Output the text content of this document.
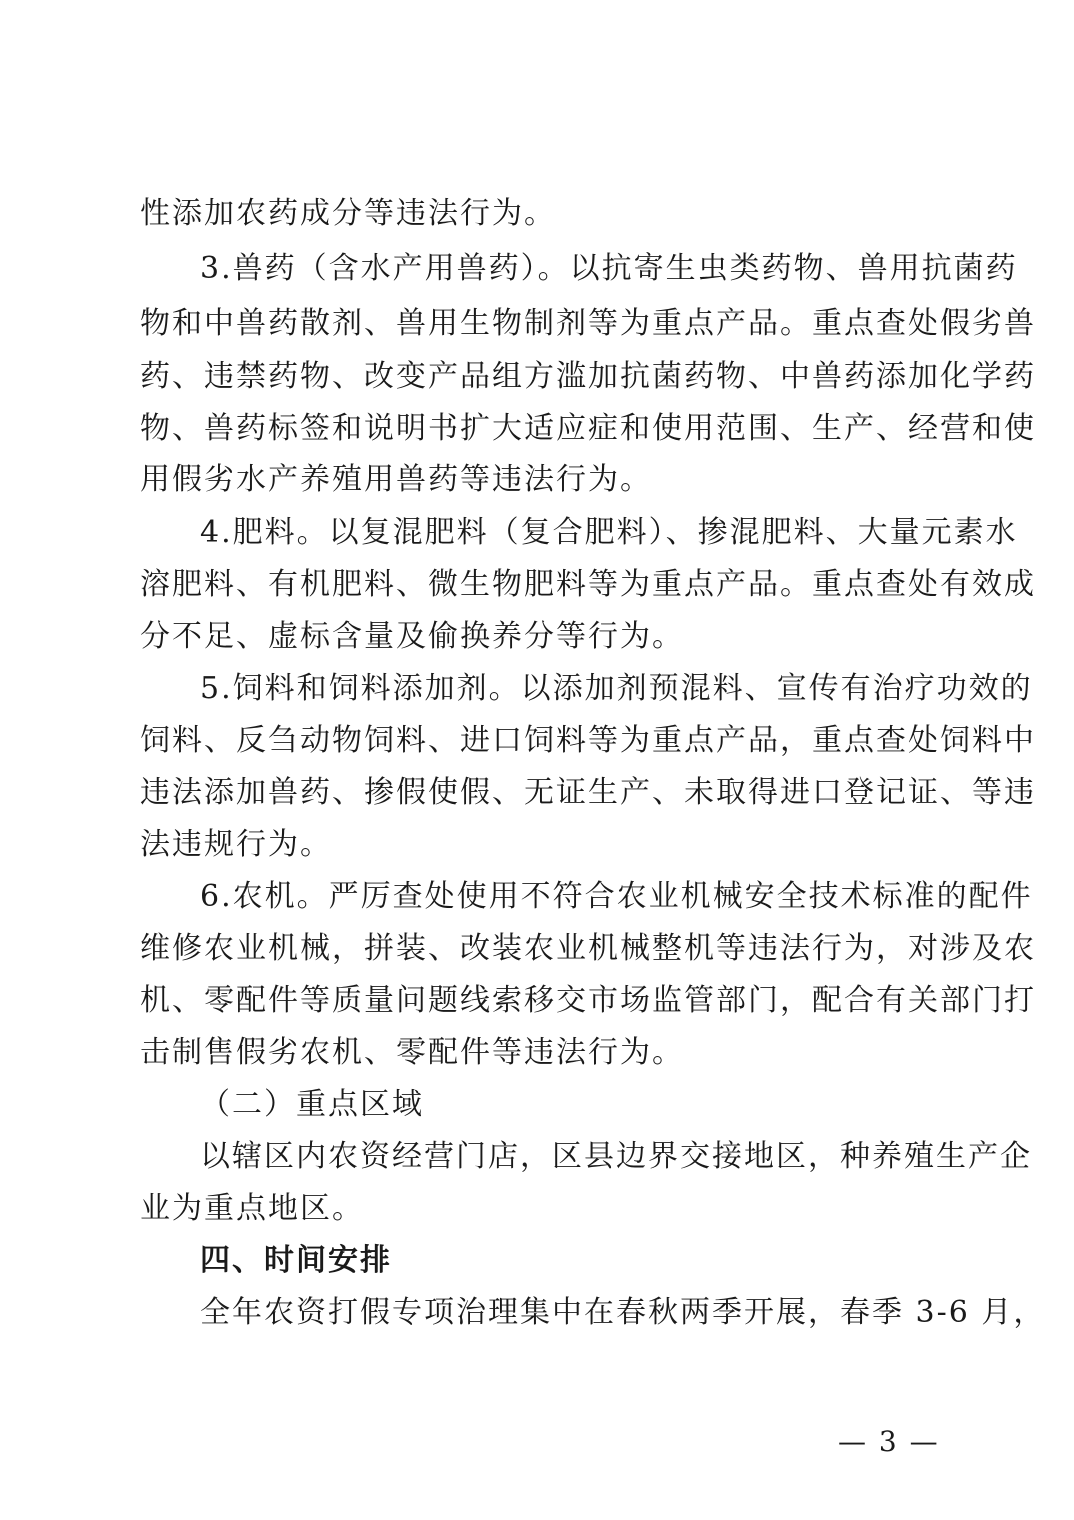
性添加农药成分等违法行为。
3.兽药（含水产用兽药）。以抗寄生虫类药物、兽用抗菌药
物和中兽药散剂、兽用生物制剂等为重点产品。重点查处假劣兽
药、违禁药物、改变产品组方滥加抗菌药物、中兽药添加化学药
物、兽药标签和说明书扩大适应症和使用范围、生产、经营和使
用假劣水产养殖用兽药等违法行为。
4.肥料。以复混肥料（复合肥料）、掺混肥料、大量元素水
溶肥料、有机肥料、微生物肥料等为重点产品。重点查处有效成
分不足、虚标含量及偷换养分等行为。
5.饲料和饲料添加剂。以添加剂预混料、宣传有治疗功效的
饲料、反刍动物饲料、进口饲料等为重点产品，重点查处饲料中
违法添加兽药、掺假使假、无证生产、未取得进口登记证、等违
法违规行为。
6.农机。严厉查处使用不符合农业机械安全技术标准的配件
维修农业机械，拼装、改装农业机械整机等违法行为，对涉及农
机、零配件等质量问题线索移交市场监管部门，配合有关部门打
击制售假劣农机、零配件等违法行为。
（二）重点区域
以辖区内农资经营门店，区县边界交接地区，种养殖生产企
业为重点地区。
四、时间安排
全年农资打假专项治理集中在春秋两季开展，春季 3-6 月，
— 3 —
